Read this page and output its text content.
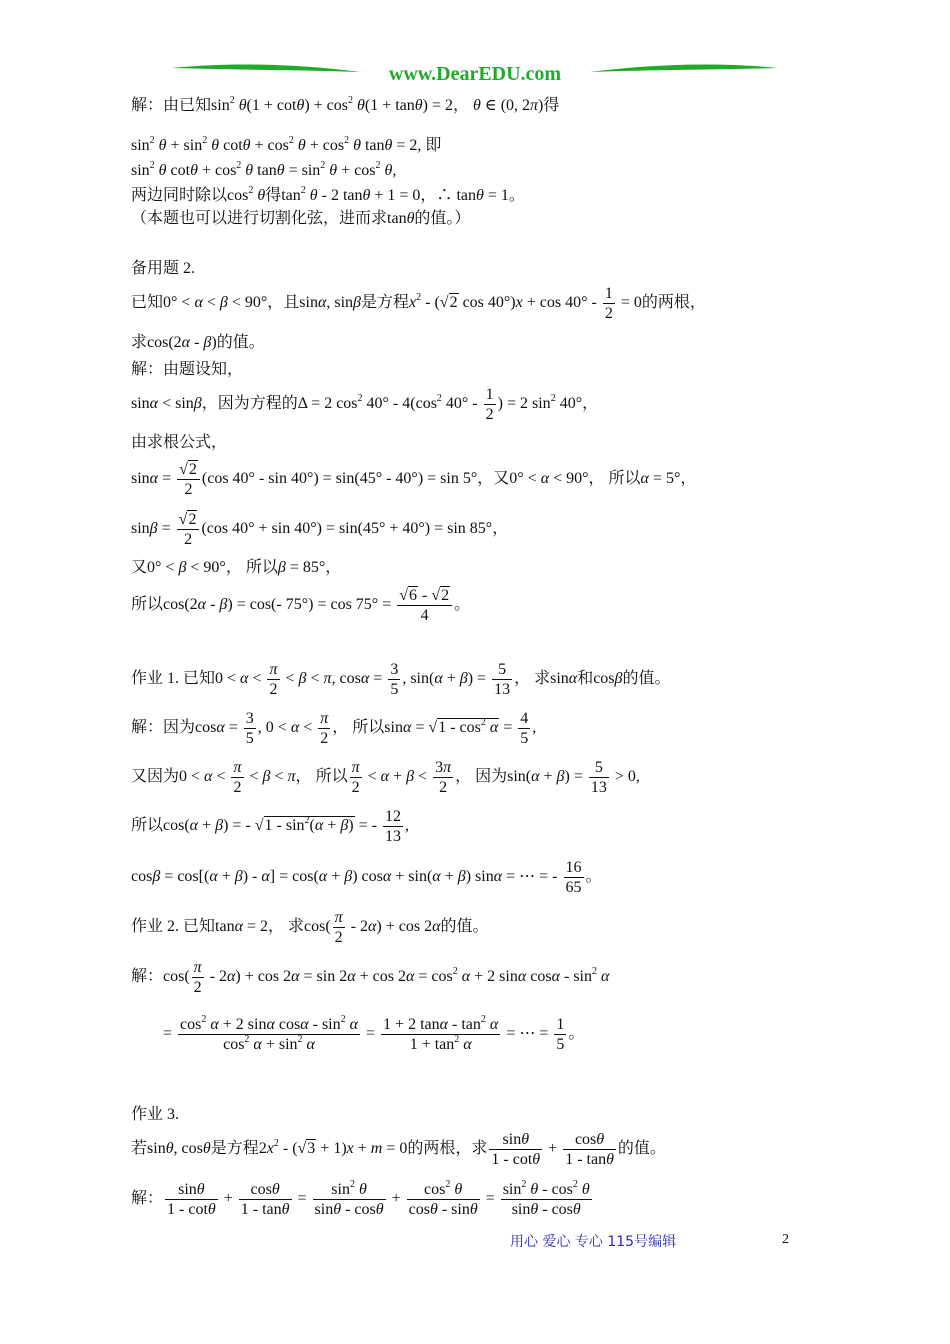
www.DearEDU.com
解：由已知$\sin^2 \theta(1 + \cot\theta) + \cos^2 \theta(1 + \tan\theta) = 2$， θ ∈ (0, 2π)得
$\sin^2 \theta + \sin^2 \theta$ $\cot\theta + \cos^2 \theta + \cos^2 \theta$ tanθ = 2, 即
$\sin^2 \theta$ $\cot\theta + \cos^2 \theta$ $\tan\theta = \sin^2 \theta + \cos^2 \theta$,
两边同时除以$\cos^2 \theta$得$\tan^2 \theta - 2$ tanθ + 1 = 0，∴ tanθ = 1。
（本题也可以进行切割化弦，进而求tanθ的值。）
备用题 2.
已知0° < α < β < 90°，且sinα, sinβ是方程$x^2 - (√2$ $\cos 40^\circ)x + \cos 40^\circ - \frac{1}{2} = 0$的两根，
求cos(2α - β)的值。
解：由题设知，
sinα < sinβ，因为方程的Δ = 2 $\cos^2 40^\circ - 4(\cos^2$ $40^\circ - \frac{1}{2}$ ) = 2 $\sin^2 40^\circ$，
由求根公式，
$\sin\alpha = \frac{√2}{2} (\cos$ 40° - sin 40°) = sin(45° - 40°) = sin 5°，又0° < α < 90°， 所以α = 5°，
$\sin\beta = \frac{√2}{2} (\cos$ 40° + sin 40°) = sin(45° + 40°) = sin 85°，
又0° < β < 90°， 所以β = 85°，
所以cos(2α - β) = cos(- $75^\circ) = \cos 75^\circ = \frac{√6 - √2}{4}$ 。
作业 1. 已知$0 < \alpha < \frac{\pi}{2} < \beta < \pi$, $\cos\alpha = \frac{3}{5}$ , $\sin(\alpha + \beta) = \frac{5}{13}$ ， 求sinα和cosβ的值。
解：因为$\cos\alpha = \frac{3}{5}$ , $0 < \alpha < \frac{\pi}{2}$ ， 所以$\sin\alpha = √1 - \cos^2 \alpha = \frac{4}{5}$ ,
又因为$0 < \alpha < \frac{\pi}{2} < \beta < \pi$， 所以 $\frac{\pi}{2} < \alpha + \beta < \frac{3\pi}{2}$ ， 因为$\sin(\alpha + \beta) = \frac{5}{13} > 0$,
所以cos(α + β) = - $√1 - \sin^2(\alpha + \beta)$ = - $\frac{12}{13}$ ,
cosβ = cos[(α + β) - α] = cos(α + β) cosα + sin(α + β) sinα = ⋯ = - $\frac{16}{65}$ 。
作业 2. 已知tanα = 2， 求$\cos( \frac{\pi}{2} - 2\alpha) + \cos 2\alpha$的值。
解：$\cos( \frac{\pi}{2} - 2\alpha) + \cos 2\alpha = \sin 2\alpha + \cos 2\alpha = \cos^2 \alpha + 2$ sinα cosα - $\sin^2 \alpha$
= $\frac{\cos^2 \alpha + 2 \sin\alpha \cos\alpha - \sin^2 \alpha}{\cos^2 \alpha + \sin^2 \alpha} = \frac{1 + 2 \tan\alpha - \tan^2 \alpha}{1 + \tan^2 \alpha}$ = ⋯ = $\frac{1}{5}$ 。
作业 3.
若sinθ, cosθ是方程$2x^2 - (√3 + 1)x + m = 0$的两根，求 $\frac{\sin\theta}{1 - \cot\theta} + \frac{\cos\theta}{1 - \tan\theta}$ 的值。
解： $\frac{\sin\theta}{1 - \cot\theta} + \frac{\cos\theta}{1 - \tan\theta} = \frac{\sin^2 \theta}{\sin\theta - \cos\theta} + \frac{\cos^2 \theta}{\cos\theta - \sin\theta} = \frac{\sin^2 \theta - \cos^2 \theta}{\sin\theta - \cos\theta}$
用心 爱心 专心 115号编辑	2
